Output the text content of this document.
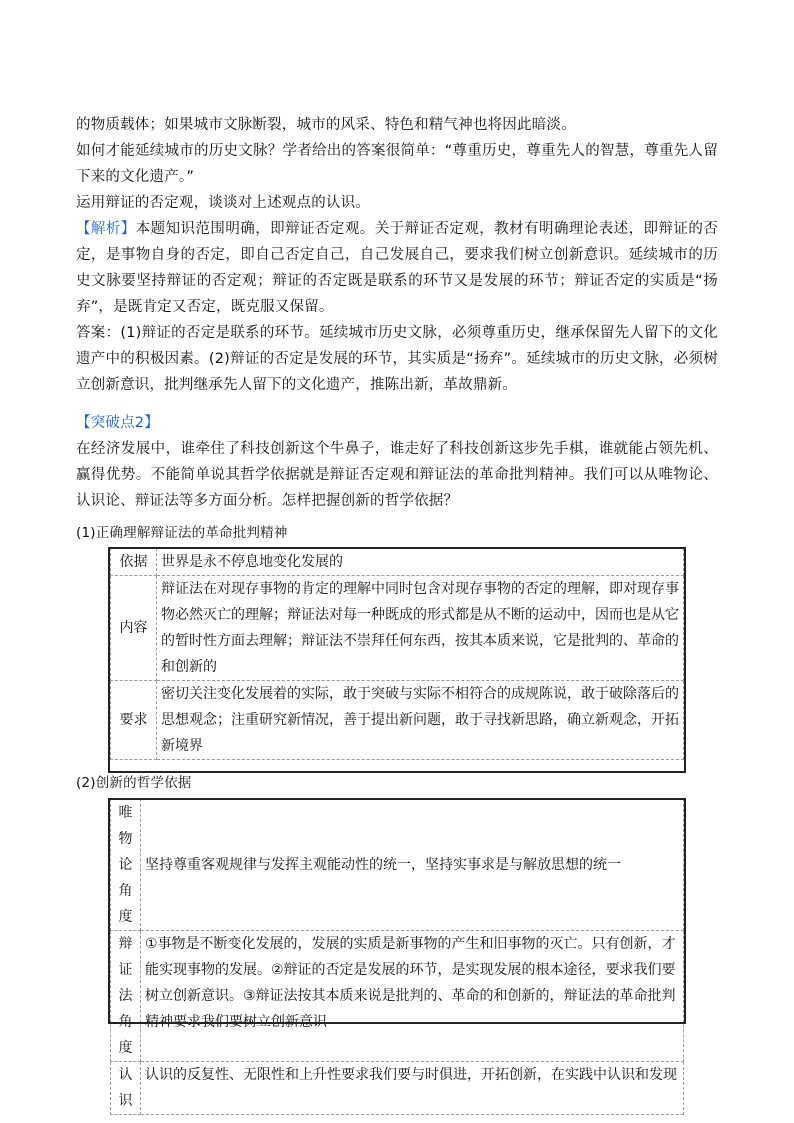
的物质载体；如果城市文脉断裂，城市的风采、特色和精气神也将因此暗淡。
如何才能延续城市的历史文脉？学者给出的答案很简单：“尊重历史，尊重先人的智慧，尊重先人留下来的文化遗产。”
运用辩证的否定观，谈谈对上述观点的认识。
【解析】本题知识范围明确，即辩证否定观。关于辩证否定观，教材有明确理论表述，即辩证的否定，是事物自身的否定，即自己否定自己，自己发展自己，要求我们树立创新意识。延续城市的历史文脉要坚持辩证的否定观；辩证的否定既是联系的环节又是发展的环节；辩证否定的实质是“扬弃”，是既肯定又否定，既克服又保留。
答案：(1)辩证的否定是联系的环节。延续城市历史文脉，必须尊重历史，继承保留先人留下的文化遗产中的积极因素。(2)辩证的否定是发展的环节，其实质是“扬弃”。延续城市的历史文脉，必须树立创新意识，批判继承先人留下的文化遗产，推陈出新，革故鼎新。
【突破点2】
在经济发展中，谁牵住了科技创新这个牛鼻子，谁走好了科技创新这步先手棋，谁就能占领先机、赢得优势。不能简单说其哲学依据就是辩证否定观和辩证法的革命批判精神。我们可以从唯物论、认识论、辩证法等多方面分析。怎样把握创新的哲学依据？
(1)正确理解辩证法的革命批判精神
依据	世界是永不停息地变化发展的
内容	辩证法在对现存事物的肯定的理解中同时包含对现存事物的否定的理解，即对现存事物必然灭亡的理解；辩证法对每一种既成的形式都是从不断的运动中，因而也是从它的暂时性方面去理解；辩证法不崇拜任何东西，按其本质来说，它是批判的、革命的和创新的
要求	密切关注变化发展着的实际，敢于突破与实际不相符合的成规陈说，敢于破除落后的思想观念；注重研究新情况，善于提出新问题，敢于寻找新思路，确立新观念，开拓新境界
(2)创新的哲学依据
唯物论角度	坚持尊重客观规律与发挥主观能动性的统一，坚持实事求是与解放思想的统一
辩证法角度	①事物是不断变化发展的，发展的实质是新事物的产生和旧事物的灭亡。只有创新，才能实现事物的发展。②辩证的否定是发展的环节，是实现发展的根本途径，要求我们要树立创新意识。③辩证法按其本质来说是批判的、革命的和创新的，辩证法的革命批判精神要求我们要树立创新意识
认识	认识的反复性、无限性和上升性要求我们要与时俱进，开拓创新，在实践中认识和发现
